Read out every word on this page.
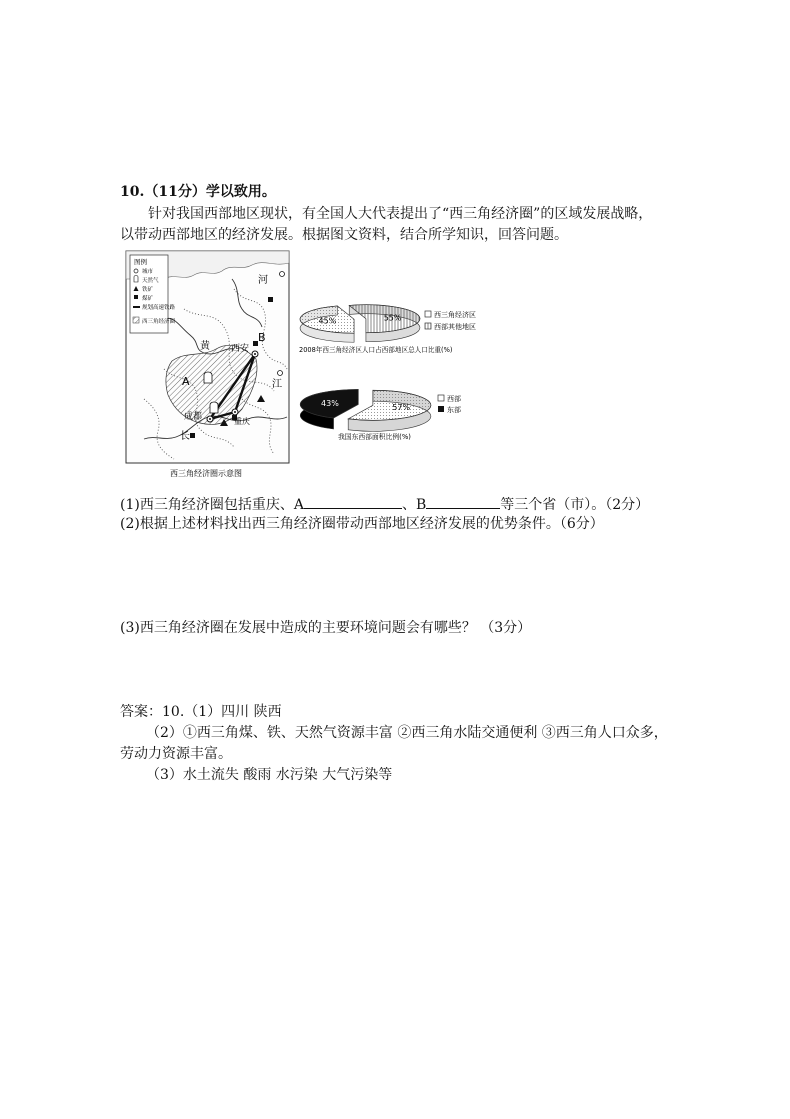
10.（11分）学以致用。
针对我国西部地区现状，有全国人大代表提出了“西三角经济圈”的区域发展战略，
以带动西部地区的经济发展。根据图文资料，结合所学知识，回答问题。
图例
城市
天然气
铁矿
煤矿
规划高速铁路
西三角经济圈
河
黄
江
长
西安
成都	重庆
A
B
西三角经济圈示意图
45%	55%	西三角经济区
西部其他地区
2008年西三角经济区人口占西部地区总人口比重(%)
57%
43%	西部
东部
我国东西部面积比例(%)
(1)西三角经济圈包括重庆、A	、B	等三个省（市）。（2分）
(2)根据上述材料找出西三角经济圈带动西部地区经济发展的优势条件。（6分）
(3)西三角经济圈在发展中造成的主要环境问题会有哪些？ （3分）
答案：10.（1）四川 陕西
（2）①西三角煤、铁、天然气资源丰富 ②西三角水陆交通便利 ③西三角人口众多，
劳动力资源丰富。
（3）水土流失 酸雨 水污染 大气污染等
